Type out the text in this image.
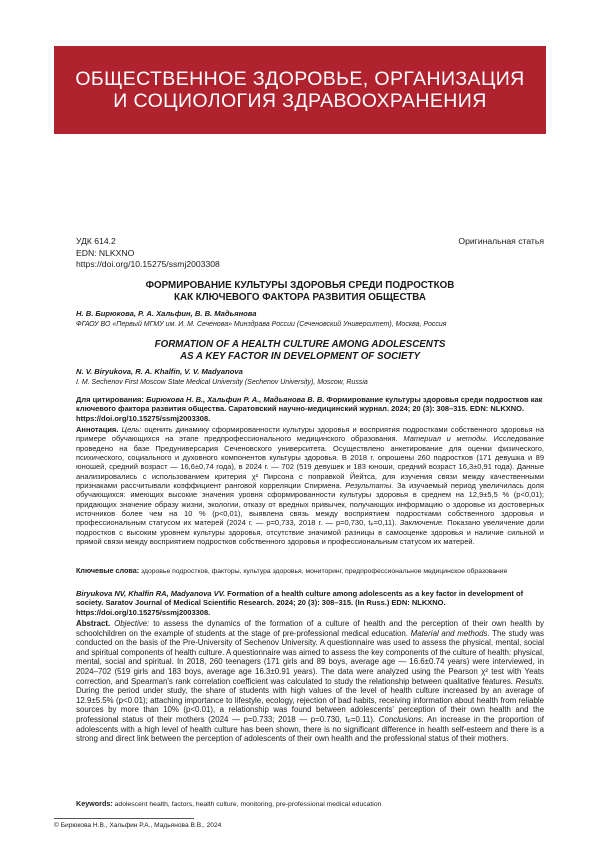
ОБЩЕСТВЕННОЕ ЗДОРОВЬЕ, ОРГАНИЗАЦИЯ
И СОЦИОЛОГИЯ ЗДРАВООХРАНЕНИЯ
УДК 614.2
EDN: NLKXNO
https://doi.org/10.15275/ssmj2003308
Оригинальная статья
ФОРМИРОВАНИЕ КУЛЬТУРЫ ЗДОРОВЬЯ СРЕДИ ПОДРОСТКОВ
КАК КЛЮЧЕВОГО ФАКТОРА РАЗВИТИЯ ОБЩЕСТВА
Н. В. Бирюкова, Р. А. Хальфин, В. В. Мадьянова
ФГАОУ ВО «Первый МГМУ им. И. М. Сеченова» Минздрава России (Сеченовский Университет), Москва, Россия
FORMATION OF A HEALTH CULTURE AMONG ADOLESCENTS
AS A KEY FACTOR IN DEVELOPMENT OF SOCIETY
N. V. Biryukova, R. A. Khalfin, V. V. Madyanova
I. M. Sechenov First Moscow State Medical University (Sechenov University), Moscow, Russia
Для цитирования: Бирюкова Н. В., Хальфин Р. А., Мадьянова В. В. Формирование культуры здоровья среди подростков как ключевого фактора развития общества. Саратовский научно-медицинский журнал. 2024; 20 (3): 308–315. EDN: NLKXNO. https://doi.org/10.15275/ssmj2003308.
Аннотация. Цель: оценить динамику сформированности культуры здоровья и восприятия подростками собственного здоровья на примере обучающихся на этапе предпрофессионального медицинского образования. Материал и методы. Исследование проведено на базе Предуниверсария Сеченовского университета. Осуществлено анкетирование для оценки физического, психического, социального и духовного компонентов культуры здоровья. В 2018 г. опрошены 260 подростков (171 девушка и 89 юношей, средний возраст — 16,6±0,74 года), в 2024 г. — 702 (519 девушек и 183 юноши, средний возраст 16,3±0,91 года). Данные анализировались с использованием критерия χ² Пирсона с поправкой Йейтса, для изучения связи между качественными признаками рассчитывали коэффициент ранговой корреляции Спирмена. Результаты. За изучаемый период увеличилась доля обучающихся: имеющих высокие значения уровня сформированности культуры здоровья в среднем на 12,9±5,5 % (p<0,01); придающих значение образу жизни, экологии, отказу от вредных привычек, получающих информацию о здоровье из достоверных источников более чем на 10 % (p<0,01), выявлена связь между восприятием подростками собственного здоровья и профессиональным статусом их матерей (2024 г. — p=0,733, 2018 г. — p=0,730, tₚ=0,11). Заключение. Показано увеличение доли подростков с высоким уровнем культуры здоровья, отсутствие значимой разницы в самооценке здоровья и наличие сильной и прямой связи между восприятием подростков собственного здоровья и профессиональным статусом их матерей.
Ключевые слова: здоровье подростков, факторы, культура здоровья, мониторинг, предпрофессиональное медицинское образование
Biryukova NV, Khalfin RA, Madyanova VV. Formation of a health culture among adolescents as a key factor in development of society. Saratov Journal of Medical Scientific Research. 2024; 20 (3): 308–315. (In Russ.) EDN: NLKXNO. https://doi.org/10.15275/ssmj2003308.
Abstract. Objective: to assess the dynamics of the formation of a culture of health and the perception of their own health by schoolchildren on the example of students at the stage of pre-professional medical education. Material and methods. The study was conducted on the basis of the Pre-University of Sechenov University. A questionnaire was used to assess the physical, mental, social and spiritual components of health culture. A questionnaire was aimed to assess the key components of the culture of health: physical, mental, social and spiritual. In 2018, 260 teenagers (171 girls and 89 boys, average age — 16.6±0.74 years) were interviewed, in 2024–702 (519 girls and 183 boys, average age 16.3±0.91 years). The data were analyzed using the Pearson χ² test with Yeats correction, and Spearman's rank correlation coefficient was calculated to study the relationship between qualitative features. Results. During the period under study, the share of students with high values of the level of health culture increased by an average of 12.9±5.5% (p<0.01); attaching importance to lifestyle, ecology, rejection of bad habits, receiving information about health from reliable sources by more than 10% (p<0.01), a relationship was found between adolescents' perception of their own health and the professional status of their mothers (2024 — p=0.733; 2018 — p=0.730, tₚ=0.11). Conclusions. An increase in the proportion of adolescents with a high level of health culture has been shown, there is no significant difference in health self-esteem and there is a strong and direct link between the perception of adolescents of their own health and the professional status of their mothers.
Keywords: adolescent health, factors, health culture, monitoring, pre-professional medical education
© Бирюкова Н.В., Хальфин Р.А., Мадьянова В.В., 2024
